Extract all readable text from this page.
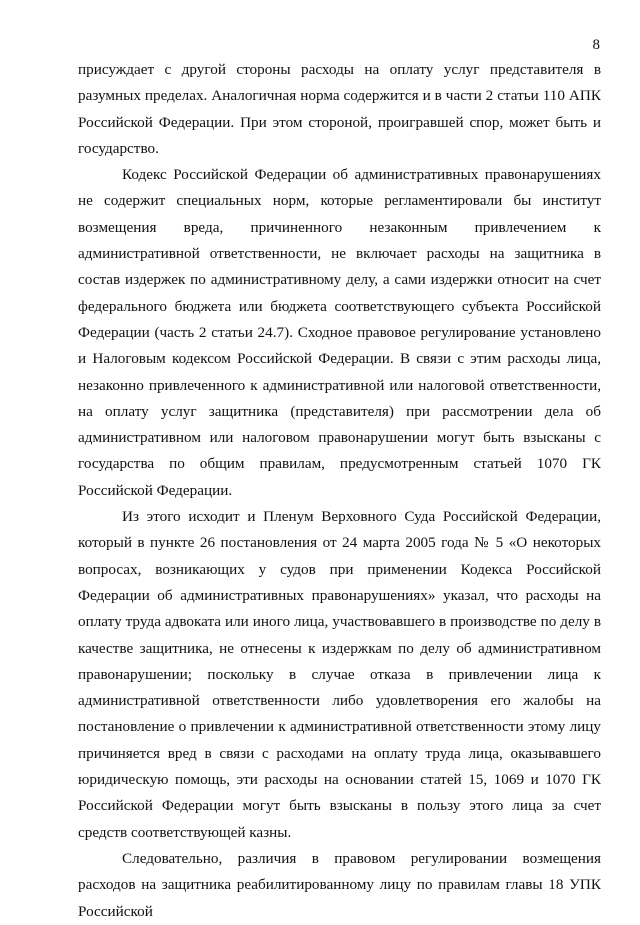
8

присуждает с другой стороны расходы на оплату услуг представителя в разумных пределах. Аналогичная норма содержится и в части 2 статьи 110 АПК Российской Федерации. При этом стороной, проигравшей спор, может быть и государство.

Кодекс Российской Федерации об административных правонарушениях не содержит специальных норм, которые регламентировали бы институт возмещения вреда, причиненного незаконным привлечением к административной ответственности, не включает расходы на защитника в состав издержек по административному делу, а сами издержки относит на счет федерального бюджета или бюджета соответствующего субъекта Российской Федерации (часть 2 статьи 24.7). Сходное правовое регулирование установлено и Налоговым кодексом Российской Федерации. В связи с этим расходы лица, незаконно привлеченного к административной или налоговой ответственности, на оплату услуг защитника (представителя) при рассмотрении дела об административном или налоговом правонарушении могут быть взысканы с государства по общим правилам, предусмотренным статьей 1070 ГК Российской Федерации.

Из этого исходит и Пленум Верховного Суда Российской Федерации, который в пункте 26 постановления от 24 марта 2005 года № 5 «О некоторых вопросах, возникающих у судов при применении Кодекса Российской Федерации об административных правонарушениях» указал, что расходы на оплату труда адвоката или иного лица, участвовавшего в производстве по делу в качестве защитника, не отнесены к издержкам по делу об административном правонарушении; поскольку в случае отказа в привлечении лица к административной ответственности либо удовлетворения его жалобы на постановление о привлечении к административной ответственности этому лицу причиняется вред в связи с расходами на оплату труда лица, оказывавшего юридическую помощь, эти расходы на основании статей 15, 1069 и 1070 ГК Российской Федерации могут быть взысканы в пользу этого лица за счет средств соответствующей казны.

Следовательно, различия в правовом регулировании возмещения расходов на защитника реабилитированному лицу по правилам главы 18 УПК Российской
